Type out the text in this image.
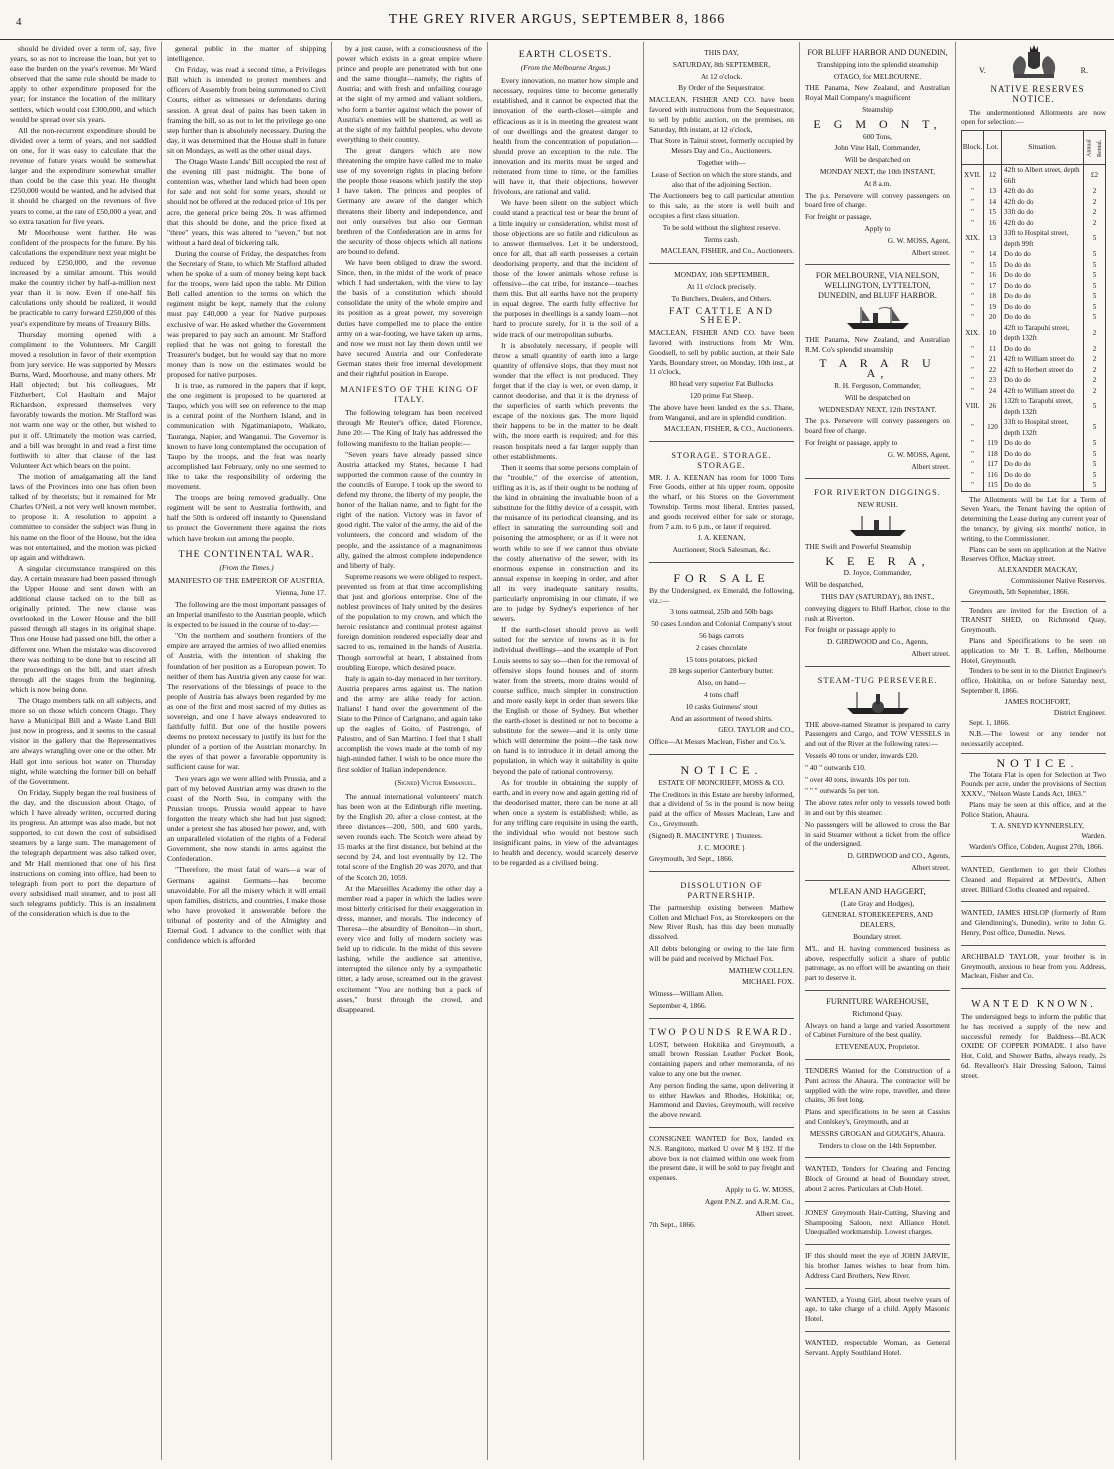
4	THE GREY RIVER ARGUS, SEPTEMBER 8, 1866

should be divided over a term of, say, five years, so as not to increase the loan, but yet to ease the burden on the year's revenue. Mr Ward observed that the same rule should be made to apply to other expenditure proposed for the year; for instance the location of the military settlers, which would cost £300,000, and which would be spread over six years.

All the non-recurrent expenditure should be divided over a term of years, and not saddled on one, for it was easy to calculate that the revenue of future years would be somewhat larger and the expenditure somewhat smaller than could be the case this year. He thought £250,000 would be wanted, and he advised that it should be charged on the revenues of five years to come, at the rate of £50,000 a year, and so extra taxation for five years.

Mr Moorhouse went further. He was confident of the prospects for the future. By his calculations the expenditure next year might be reduced by £250,000, and the revenue increased by a similar amount. This would make the country richer by half-a-million next year than it is now. Even if one-half his calculations only should be realized, it would be practicable to carry forward £250,000 of this year's expenditure by means of Treasury Bills.

Thursday morning opened with a compliment to the Volunteers. Mr Cargill moved a resolution in favor of their exemption from jury service. He was supported by Messrs Burns, Ward, Moorhouse, and many others. Mr Hall objected; but his colleagues, Mr Fitzherbert, Col Haultain and Major Richardson, expressed themselves very favorably towards the motion. Mr Stafford was not warm one way or the other, but wished to put it off. Ultimately the motion was carried, and a bill was brought in and read a first time forthwith to alter that clause of the last Volunteer Act which bears on the point.

The motion of amalgamating all the land laws of the Provinces into one has often been talked of by theorists; but it remained for Mr Charles O'Neil, a not very well known member, to propose it. A resolution to appoint a committee to consider the subject was flung in his name on the floor of the House, but the idea was not entertained, and the motion was picked up again and withdrawn.

A singular circumstance transpired on this day. A certain measure had been passed through the Upper House and sent down with an additional clause tacked on to the bill as originally printed. The new clause was overlooked in the Lower House and the bill passed through all stages in its original shape. Thus one House had passed one bill, the other a different one. When the mistake was discovered there was nothing to be done but to rescind all the proceedings on the bill, and start afresh through all the stages from the beginning, which is now being done.

The Otago members talk on all subjects, and more so on those which concern Otago. They have a Municipal Bill and a Waste Land Bill just now in progress, and it seems to the casual visitor in the gallery that the Representatives are always wrangling over one or the other. Mr Hall got into serious hot water on Thursday night, while watching the former bill on behalf of the Government.

On Friday, Supply began the real business of the day, and the discussion about Otago, of which I have already written, occurred during its progress. An attempt was also made, but not supported, to cut down the cost of subsidised steamers by a large sum. The management of the telegraph department was also talked over, and Mr Hall mentioned that one of his first instructions on coming into office, had been to telegraph from port to port the departure of every subsidised mail steamer, and to post all such telegrams publicly. This is an instalment of the consideration which is due to the

general public in the matter of shipping intelligence.

On Friday, was read a second time, a Privileges Bill which is intended to protect members and officers of Assembly from being summoned to Civil Courts, either as witnesses or defendants during session. A great deal of pains has been taken in framing the bill, so as not to let the privilege go one step further than is absolutely necessary. During the day, it was determined that the House shall in future sit on Mondays, as well as the other usual days.

The Otago Waste Lands' Bill occupied the rest of the evening till past midnight. The bone of contention was, whether land which had been open for sale and not sold for some years, should or should not be offered at the reduced price of 10s per acre, the general price being 20s. It was affirmed that this should be done, and the price fixed at "three" years, this was altered to "seven," but not without a hard deal of bickering talk.

During the course of Friday, the despatches from the Secretary of State, to which Mr Stafford alluded when he spoke of a sum of money being kept back for the troops, were laid upon the table. Mr Dillon Bell called attention to the terms on which the regiment might be kept, namely that the colony must pay £40,000 a year for Native purposes exclusive of war. He asked whether the Government was prepared to pay such an amount. Mr Stafford replied that he was not going to forestall the Treasurer's budget, but he would say that no more money than is now on the estimates would be proposed for native purposes.

It is true, as rumored in the papers that if kept, the one regiment is proposed to be quartered at Taupo, which you will see on reference to the map is a central point of the Northern Island, and in communication with Ngatimaniapoto, Waikato, Tauranga, Napier, and Wanganui. The Governor is known to have long contemplated the occupation of Taupo by the troops, and the feat was nearly accomplished last February, only no one seemed to like to take the responsibility of ordering the movement.

The troops are being removed gradually. One regiment will be sent to Australia forthwith, and half the 50th is ordered off instantly to Queensland to protect the Government there against the riots which have broken out among the people.

THE CONTINENTAL WAR.
(From the Times.)
MANIFESTO OF THE EMPEROR OF AUSTRIA.
Vienna, June 17.

The following are the most important passages of an Imperial manifesto to the Austrian people, which is expected to be issued in the course of to-day:—

"On the northern and southern frontiers of the empire are arrayed the armies of two allied enemies of Austria, with the intention of shaking the foundation of her position as a European power. To neither of them has Austria given any cause for war. The reservations of the blessings of peace to the people of Austria has always been regarded by me as one of the first and most sacred of my duties as sovereign, and one I have always endeavored to faithfully fulfil. But one of the hostile powers deems no pretext necessary to justify its lust for the plunder of a portion of the Austrian monarchy. In the eyes of that power a favorable opportunity is sufficient cause for war.

Two years ago we were allied with Prussia, and a part of my beloved Austrian army was drawn to the coast of the North Sea, in company with the Prussian troops. Prussia would appear to have forgotten the treaty which she had but just signed; under a pretext she has abused her power, and, with an unparalleled violation of the rights of a Federal Government, she now stands in arms against the Confederation.

"Therefore, the most fatal of wars—a war of Germans against Germans—has become unavoidable. For all the misery which it will entail upon families, districts, and countries, I make those who have provoked it answerable before the tribunal of posterity and of the Almighty and Eternal God. I advance to the conflict with that confidence which is afforded

by a just cause, with a consciousness of the power which exists in a great empire where prince and people are penetrated with but one and the same thought—namely, the rights of Austria; and with fresh and unfailing courage at the sight of my armed and valiant soldiers, who form a barrier against which the power of Austria's enemies will be shattered, as well as at the sight of my faithful peoples, who devote everything to their country.

The great dangers which are now threatening the empire have called me to make use of my sovereign rights in placing before the people those reasons which justify the step I have taken. The princes and peoples of Germany are aware of the danger which threatens their liberty and independence, and not only ourselves but also our German brethren of the Confederation are in arms for the security of those objects which all nations are bound to defend.

We have been obliged to draw the sword. Since, then, in the midst of the work of peace which I had undertaken, with the view to lay the basis of a constitution which should consolidate the unity of the whole empire and its position as a great power, my sovereign duties have compelled me to place the entire army on a war-footing, we have taken up arms, and now we must not lay them down until we have secured Austria and our Confederate German states their free internal development and their rightful position in Europe.

MANIFESTO OF THE KING OF ITALY.

The following telegram has been received through Mr Reuter's office, dated Florence, June 20:— The King of Italy has addressed the following manifesto to the Italian people:—

"Seven years have already passed since Austria attacked my States, because I had supported the common cause of the country in the councils of Europe. I took up the sword to defend my throne, the liberty of my people, the honor of the Italian name, and to fight for the right of the nation. Victory was in favor of good right. The valor of the army, the aid of the volunteers, the concord and wisdom of the people, and the assistance of a magnanimous ally, gained the almost complete independence and liberty of Italy.

Supreme reasons we were obliged to respect, prevented us from at that time accomplishing that just and glorious enterprise. One of the noblest provinces of Italy united by the desires of the population to my crown, and which the heroic resistance and continual protest against foreign dominion rendered especially dear and sacred to us, remained in the hands of Austria. Though sorrowful at heart, I abstained from troubling Europe, which desired peace.

Italy is again to-day menaced in her territory. Austria prepares arms against us. The nation and the army are alike ready for action. Italians! I hand over the government of the State to the Prince of Carignano, and again take up the eagles of Goito, of Pastrengo, of Palestro, and of San Martino. I feel that I shall accomplish the vows made at the tomb of my high-minded father. I wish to be once more the first soldier of Italian independence.

(Signed) Victor Emmanuel.

The annual international volunteers' match has been won at the Edinburgh rifle meeting, by the English 20, after a close contest, at the three distances—200, 500, and 600 yards, seven rounds each. The Scotch were ahead by 15 marks at the first distance, but behind at the second by 24, and lost eventually by 12. The total score of the English 20 was 2070, and that of the Scotch 20, 1059.

At the Marseilles Academy the other day a member read a paper in which the ladies were most bitterly criticised for their exaggeration in dress, manner, and morals. The indecency of Theresa—the absurdity of Benoiton—in short, every vice and folly of modern society was held up to ridicule. In the midst of this severe lashing, while the audience sat attentive, interrupted the silence only by a sympathetic titter, a lady arose, screamed out in the gravest excitement "You are nothing but a pack of asses," burst through the crowd, and disappeared.

EARTH CLOSETS.
(From the Melbourne Argus.)

Every innovation, no matter how simple and necessary, requires time to become generally established, and it cannot be expected that the innovation of the earth-closet—simple and efficacious as it is in meeting the greatest want of our dwellings and the greatest danger to health from the concentration of population—should prove an exception to the rule. The innovation and its merits must be urged and reiterated from time to time, or the families will have it, that their objections, however frivolous, are rational and valid.

We have been silent on the subject which could stand a practical test or bear the brunt of a little inquiry or consideration, whilst most of those objections are so futile and ridiculous as to answer themselves. Let it be understood, once for all, that all earth possesses a certain deodorising property, and that the incident of those of the lower animals whose refuse is offensive—the cat tribe, for instance—teaches them this. But all earths have not the property in equal degree. The earth fully effective for the purposes in dwellings is a sandy loam—not hard to procure surely, for it is the soil of a wide track of our metropolitan suburbs.

It is absolutely necessary, if people will throw a small quantity of earth into a large quantity of offensive slops, that they must not wonder that the effect is not produced. They forget that if the clay is wet, or even damp, it cannot deodorise, and that it is the dryness of the superficies of earth which prevents the escape of the noxious gas. The more liquid their happens to be in the matter to be dealt with, the more earth is required; and for this reason hospitals need a far larger supply than other establishments.

Then it seems that some persons complain of the "trouble," of the exercise of attention, trifling as it is, as if their ought to be nothing of the kind in obtaining the invaluable boon of a substitute for the filthy device of a cesspit, with the nuisance of its periodical cleansing, and its effect in saturating the surrounding soil and poisoning the atmosphere; or as if it were not worth while to see if we cannot thus obviate the costly alternative of the sewer, with its enormous expense in construction and its annual expense in keeping in order, and after all its very inadequate sanitary results, particularly unpromising in our climate, if we are to judge by Sydney's experience of her sewers.

If the earth-closet should prove as well suited for the service of towns as it is for individual dwellings—and the example of Port Louis seems to say so—then for the removal of offensive slops found houses and of storm water from the streets, more drains would of course suffice, much simpler in construction and more easily kept in order than sewers like the English or those of Sydney. But whether the earth-closet is destined or not to become a substitute for the sewer—and it is only time which will determine the point—the task now on hand is to introduce it in detail among the population, in which way it suitability is quite beyond the pale of rational controversy.

As for trouble in obtaining the supply of earth, and in every now and again getting rid of the deodorised matter, there can be none at all when once a system is established; while, as for any trifling care requisite in using the earth, the individual who would not bestow such insignificant pains, in view of the advantages to health and decency, would scarcely deserve to be regarded as a civilised being.

THIS DAY,

SATURDAY, 8th SEPTEMBER,

At 12 o'clock.

By Order of the Sequestrator.

MACLEAN, FISHER AND CO. have been favored with instructions from the Sequestrator, to sell by public auction, on the premises, on Saturday, 8th instant, at 12 o'clock,

That Store in Tainui street, formerly occupied by Messrs Day and Co., Auctioneers.

Together with—

Lease of Section on which the store stands, and also that of the adjoining Section.

The Auctioneers beg to call particular attention to this sale, as the store is well built and occupies a first class situation.

To be sold without the slightest reserve.

Terms cash.

MACLEAN, FISHER, and Co., Auctioneers.

MONDAY, 10th SEPTEMBER,

At 11 o'clock precisely.

To Butchers, Dealers, and Others.

FAT CATTLE AND SHEEP.

MACLEAN, FISHER AND CO. have been favored with instructions from Mr Wm. Goodsell, to sell by public auction, at their Sale Yards, Boundary street, on Monday, 10th inst., at 11 o'clock,

80 head very superior Fat Bullocks

120 prime Fat Sheep.

The above have been landed ex the s.s. Thane, from Wanganui, and are in splendid condition.

MACLEAN, FISHER, & CO., Auctioneers.

STORAGE. STORAGE. STORAGE.

MR. J. A. KEENAN has room for 1000 Tons Free Goods, either at his upper room, opposite the wharf, or his Stores on the Government Township. Terms most liberal. Entries passed, and goods received either for sale or storage, from 7 a.m. to 6 p.m., or later if required.

J. A. KEENAN,

Auctioneer, Stock Salesman, &c.

FOR SALE

By the Undersigned, ex Emerald, the following, viz.:—

3 tons oatmeal, 25lb and 50lb bags

50 cases London and Colonial Company's stout

56 bags carrots

2 cases chocolate

15 tons potatoes, picked

28 kegs superior Canterbury butter.

Also, on hand—

4 tons chaff

10 casks Guinness' stout

And an assortment of tweed shirts.

GEO. TAYLOR and CO.,

Office—At Messrs Maclean, Fisher and Co.'s.

NOTICE.

ESTATE OF MONCRIEFF, MOSS & CO.

The Creditors in this Estate are hereby informed, that a dividend of 5s in the pound is now being paid at the office of Messrs Maclean, Law and Co., Greymouth.

(Signed) R. MACINTYRE } Trustees.

J. C. MOORE }

Greymouth, 3rd Sept., 1866.

DISSOLUTION OF PARTNERSHIP.

The partnership existing between Mathew Collen and Michael Fox, as Storekeepers on the New River Rush, has this day been mutually dissolved.

All debts belonging or owing to the late firm will be paid and received by Michael Fox.

MATHEW COLLEN.

MICHAEL FOX.

Witness—William Allen.

September 4, 1866.

TWO POUNDS REWARD.

LOST, between Hokitika and Greymouth, a small brown Russian Leather Pocket Book, containing papers and other memoranda, of no value to any one but the owner.

Any person finding the same, upon delivering it to either Hawkes and Rhodes, Hokitika; or, Hammond and Davies, Greymouth, will receive the above reward.

CONSIGNEE WANTED for Box, landed ex N.S. Rangitoto, marked U over M § 192. If the above box is not claimed within one week from the present date, it will be sold to pay freight and expenses.

Apply to G. W. MOSS,

Agent P.N.Z. and A.R.M. Co.,

Albert street.

7th Sept., 1866.

FOR BLUFF HARBOR AND DUNEDIN,

Transhipping into the splendid steamship

OTAGO, for MELBOURNE.

THE Panama, New Zealand, and Australian Royal Mail Company's magnificent

Steamship

E G M O N T,

600 Tons,

John Vine Hall, Commander,

Will be despatched on

MONDAY NEXT, the 10th INSTANT,

At 8 a.m.

The p.s. Persevere will convey passengers on board free of charge.

For freight or passage,

Apply to

G. W. MOSS, Agent,

Albert street.

FOR MELBOURNE, VIA NELSON, WELLINGTON, LYTTELTON, DUNEDIN, and BLUFF HARBOR.

THE Panama, New Zealand, and Australian R.M. Co's splendid steamship

T A R A R U A,

R. H. Ferguson, Commander,

Will be despatched on

WEDNESDAY NEXT, 12th INSTANT.

The p.s. Persevere will convey passengers on board free of charge.

For freight or passage, apply to

G. W. MOSS, Agent,

Albert street.

FOR RIVERTON DIGGINGS.

NEW RUSH.

THE Swift and Powerful Steamship

K E E R A,

D. Joyce, Commander,

Will be despatched,

THIS DAY (SATURDAY), 8th INST.,

conveying diggers to Bluff Harbor, close to the rush at Riverton.

For freight or passage apply to

D. GIRDWOOD and Co., Agents,

Albert street.

STEAM-TUG PERSEVERE.

THE above-named Steamer is prepared to carry Passengers and Cargo, and TOW VESSELS in and out of the River at the following rates:—

Vessels 40 tons or under, inwards £20.

" 40 " outwards £10.

" over 40 tons, inwards 10s per ton.

" " " outwards 5s per ton.

The above rates refer only to vessels towed both in and out by this steamer.

No passengers will be allowed to cross the Bar in said Steamer without a ticket from the office of the undersigned.

D. GIRDWOOD and CO., Agents,

Albert street.

M'LEAN AND HAGGERT,

(Late Gray and Hodges),

GENERAL STOREKEEPERS, AND DEALERS,

Boundary street.

M'L. and H. having commenced business as above, respectfully solicit a share of public patronage, as no effort will be awanting on their part to deserve it.

FURNITURE WAREHOUSE,

Richmond Quay.

Always on hand a large and varied Assortment of Cabinet Furniture of the best quality.

ETEVENEAUX, Proprietor.

TENDERS Wanted for the Construction of a Punt across the Ahaura. The contractor will be supplied with the wire rope, traveller, and three chains, 36 feet long.

Plans and specifications to be seen at Cassius and Conlskey's, Greymouth, and at

MESSRS GROGAN and GOUGH'S, Ahaura.

Tenders to close on the 14th September.

WANTED, Tenders for Clearing and Fencing Block of Ground at head of Boundary street, about 2 acres. Particulars at Club Hotel.

JONES' Greymouth Hair-Cutting, Shaving and Shampooing Saloon, next Alliance Hotel. Unequalled workmanship. Lowest charges.

IF this should meet the eye of JOHN JARVIE, his brother James wishes to hear from him. Address Card Brothers, New River.

WANTED, a Young Girl, about twelve years of age, to take charge of a child. Apply Masonic Hotel.

WANTED, respectable Woman, as General Servant. Apply Southland Hotel.

V.	R.

NATIVE RESERVES NOTICE.

The undermentioned Allotments are now open for selection:—

Block.	Lot.	Situation.	Annual Rental.
XVII.	12	42ft to Albert street, depth 66ft	£2
"	13	42ft do do	2
"	14	42ft do do	2
"	15	33ft do do	2
"	16	42ft do do	2
XIX.	13	33ft to Hospital street, depth 99ft	5
"	14	Do do do	5
"	15	Do do do	5
"	16	Do do do	5
"	17	Do do do	5
"	18	Do do do	5
"	19	Do do do	5
"	20	Do do do	5
XIX.	10	42ft to Tarapuhi street, depth 132ft	2
"	11	Do do do	2
"	21	42ft to William street do	2
"	22	42ft to Herbert street do	2
"	23	Do do do	2
"	24	42ft to William street do	2
VIII.	26	132ft to Tarapuhi street, depth 132ft	5
"	120	33ft to Hospital street, depth 132ft	5
"	119	Do do do	5
"	118	Do do do	5
"	117	Do do do	5
"	116	Do do do	5
"	115	Do do do	5

The Allotments will be Let for a Term of Seven Years, the Tenant having the option of determining the Lease during any current year of the tenancy, by giving six months' notice, in writing, to the Commissioner.

Plans can be seen on application at the Native Reserves Office, Mackay street.

ALEXANDER MACKAY,

Commissioner Native Reserves.

Greymouth, 5th September, 1866.

Tenders are invited for the Erection of a TRANSIT SHED, on Richmond Quay, Greymouth.

Plans and Specifications to be seen on application to Mr T. B. Leffen, Melbourne Hotel, Greymouth.

Tenders to be sent in to the District Engineer's office, Hokitika, on or before Saturday next, September 8, 1866.

JAMES ROCHFORT,

District Engineer.

Sept. 1, 1866.

N.B.—The lowest or any tender not necessarily accepted.

NOTICE.

The Totara Flat is open for Selection at Two Pounds per acre, under the provisions of Section XXXV., "Nelson Waste Lands Act, 1863."

Plans may be seen at this office, and at the Police Station, Ahaura.

T. A. SNEYD KYNNERSLEY,

Warden.

Warden's Office, Cobden, August 27th, 1866.

WANTED, Gentlemen to get their Clothes Cleaned and Repaired at M'Devitt's, Albert street. Billiard Cloths cleaned and repaired.

WANTED, JAMES HISLOP (formerly of Rum and Glendinning's, Dunedin), write to John G. Henry, Post office, Dunedin. News.

ARCHIBALD TAYLOR, your brother is in Greymouth, anxious to hear from you. Address, Maclean, Fisher and Co.

WANTED KNOWN.

The undersigned begs to inform the public that he has received a supply of the new and successful remedy for Baldness—BLACK OXIDE OF COPPER POMADE. I also have Hot, Cold, and Shower Baths, always ready, 2s 6d. Revalleon's Hair Dressing Saloon, Tainui street.
